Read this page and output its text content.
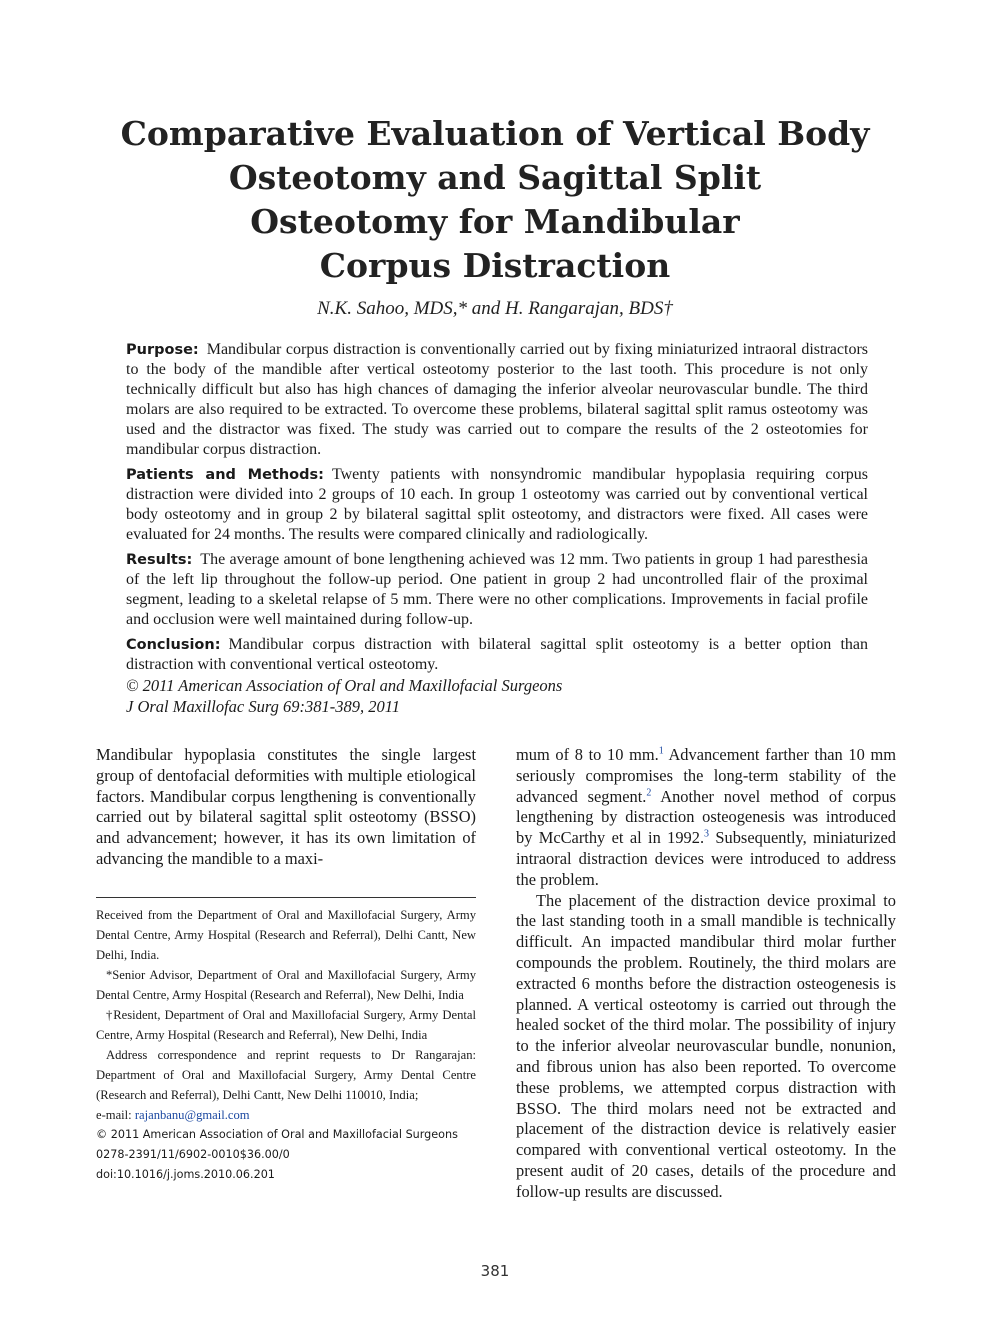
Comparative Evaluation of Vertical Body
Osteotomy and Sagittal Split
Osteotomy for Mandibular
Corpus Distraction
N.K. Sahoo, MDS,* and H. Rangarajan, BDS†

Purpose: Mandibular corpus distraction is conventionally carried out by fixing miniaturized intraoral distractors to the body of the mandible after vertical osteotomy posterior to the last tooth. This procedure is not only technically difficult but also has high chances of damaging the inferior alveolar neurovascular bundle. The third molars are also required to be extracted. To overcome these problems, bilateral sagittal split ramus osteotomy was used and the distractor was fixed. The study was carried out to compare the results of the 2 osteotomies for mandibular corpus distraction.

Patients and Methods: Twenty patients with nonsyndromic mandibular hypoplasia requiring corpus distraction were divided into 2 groups of 10 each. In group 1 osteotomy was carried out by conventional vertical body osteotomy and in group 2 by bilateral sagittal split osteotomy, and distractors were fixed. All cases were evaluated for 24 months. The results were compared clinically and radiologically.

Results: The average amount of bone lengthening achieved was 12 mm. Two patients in group 1 had paresthesia of the left lip throughout the follow-up period. One patient in group 2 had uncontrolled flair of the proximal segment, leading to a skeletal relapse of 5 mm. There were no other complications. Improvements in facial profile and occlusion were well maintained during follow-up.

Conclusion: Mandibular corpus distraction with bilateral sagittal split osteotomy is a better option than distraction with conventional vertical osteotomy.

© 2011 American Association of Oral and Maxillofacial Surgeons

J Oral Maxillofac Surg 69:381-389, 2011

Mandibular hypoplasia constitutes the single largest group of dentofacial deformities with multiple etiological factors. Mandibular corpus lengthening is conventionally carried out by bilateral sagittal split osteotomy (BSSO) and advancement; however, it has its own limitation of advancing the mandible to a maxi-

Received from the Department of Oral and Maxillofacial Surgery, Army Dental Centre, Army Hospital (Research and Referral), Delhi Cantt, New Delhi, India.

*Senior Advisor, Department of Oral and Maxillofacial Surgery, Army Dental Centre, Army Hospital (Research and Referral), New Delhi, India

†Resident, Department of Oral and Maxillofacial Surgery, Army Dental Centre, Army Hospital (Research and Referral), New Delhi, India

Address correspondence and reprint requests to Dr Rangarajan: Department of Oral and Maxillofacial Surgery, Army Dental Centre (Research and Referral), Delhi Cantt, New Delhi 110010, India;

e-mail: rajanbanu@gmail.com

© 2011 American Association of Oral and Maxillofacial Surgeons

0278-2391/11/6902-0010$36.00/0

doi:10.1016/j.joms.2010.06.201

mum of 8 to 10 mm.$^1$ Advancement farther than 10 mm seriously compromises the long-term stability of the advanced segment.$^2$ Another novel method of corpus lengthening by distraction osteogenesis was introduced by McCarthy et al in 1992.$^3$ Subsequently, miniaturized intraoral distraction devices were introduced to address the problem.

The placement of the distraction device proximal to the last standing tooth in a small mandible is technically difficult. An impacted mandibular third molar further compounds the problem. Routinely, the third molars are extracted 6 months before the distraction osteogenesis is planned. A vertical osteotomy is carried out through the healed socket of the third molar. The possibility of injury to the inferior alveolar neurovascular bundle, nonunion, and fibrous union has also been reported. To overcome these problems, we attempted corpus distraction with BSSO. The third molars need not be extracted and placement of the distraction device is relatively easier compared with conventional vertical osteotomy. In the present audit of 20 cases, details of the procedure and follow-up results are discussed.

381
